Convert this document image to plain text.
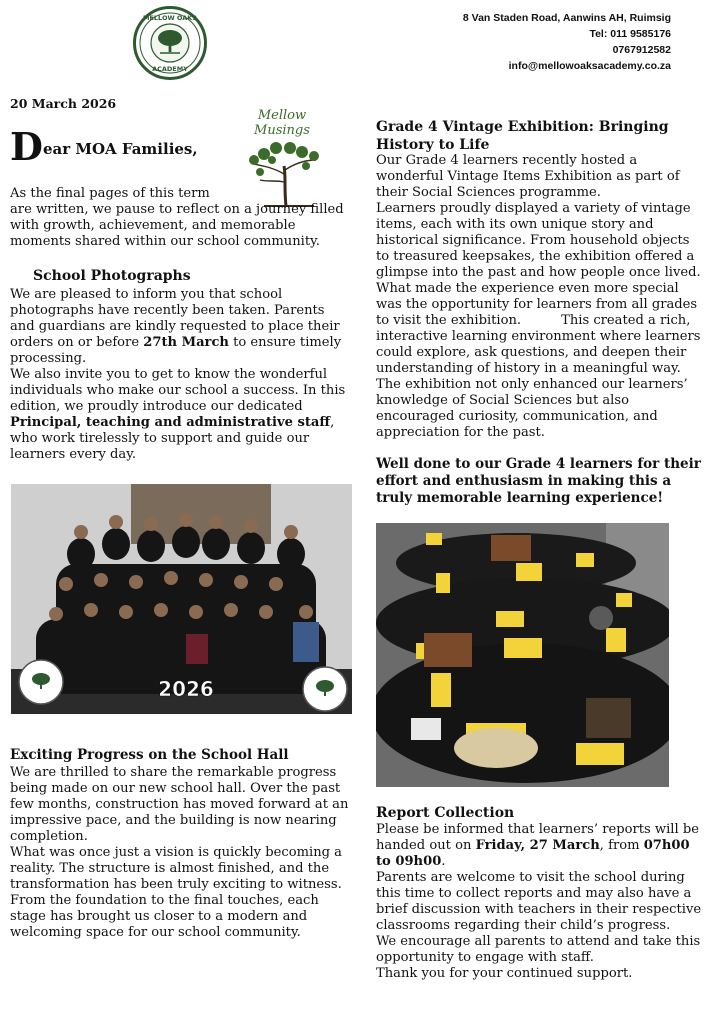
MELLOW OAKS
ACADEMY
8 Van Staden Road, Aanwins AH, Ruimsig
Tel: 011 9585176
0767912582
info@mellowoaksacademy.co.za
20 March 2026
D ear MOA Families,
Mellow Musings
As the final pages of this term
are written, we pause to reflect on a journey filled with growth, achievement, and memorable moments shared within our school community.
School Photographs
We are pleased to inform you that school photographs have recently been taken. Parents and guardians are kindly requested to place their orders on or before 27th March to ensure timely processing.
We also invite you to get to know the wonderful individuals who make our school a success. In this edition, we proudly introduce our dedicated Principal, teaching and administrative staff, who work tirelessly to support and guide our learners every day.
2026
Exciting Progress on the School Hall
We are thrilled to share the remarkable progress being made on our new school hall. Over the past few months, construction has moved forward at an impressive pace, and the building is now nearing completion.
What was once just a vision is quickly becoming a reality. The structure is almost finished, and the transformation has been truly exciting to witness. From the foundation to the final touches, each stage has brought us closer to a modern and welcoming space for our school community.
Grade 4 Vintage Exhibition: Bringing History to Life
Our Grade 4 learners recently hosted a wonderful Vintage Items Exhibition as part of their Social Sciences programme.
Learners proudly displayed a variety of vintage items, each with its own unique story and historical significance. From household objects to treasured keepsakes, the exhibition offered a glimpse into the past and how people once lived.
What made the experience even more special was the opportunity for learners from all grades to visit the exhibition.	This created a rich, interactive learning environment where learners could explore, ask questions, and deepen their understanding of history in a meaningful way.
The exhibition not only enhanced our learners’ knowledge of Social Sciences but also encouraged curiosity, communication, and appreciation for the past.
Well done to our Grade 4 learners for their effort and enthusiasm in making this a truly memorable learning experience!
Report Collection
Please be informed that learners’ reports will be handed out on Friday, 27 March, from 07h00 to 09h00.
Parents are welcome to visit the school during this time to collect reports and may also have a brief discussion with teachers in their respective classrooms regarding their child’s progress.
We encourage all parents to attend and take this opportunity to engage with staff.
Thank you for your continued support.
